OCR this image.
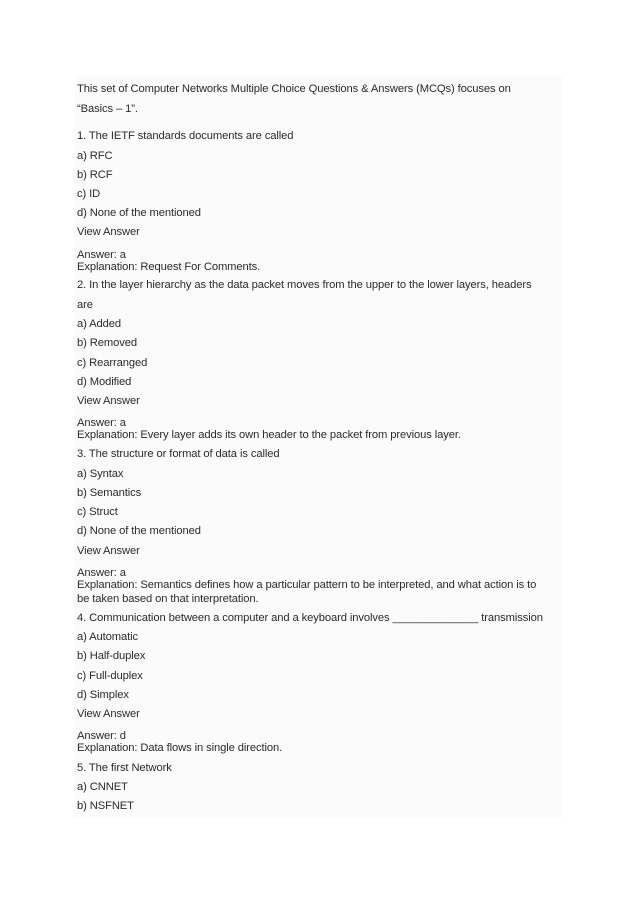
This set of Computer Networks Multiple Choice Questions & Answers (MCQs) focuses on
“Basics – 1”.
1. The IETF standards documents are called
a) RFC
b) RCF
c) ID
d) None of the mentioned
View Answer
Answer: a
Explanation: Request For Comments.
2. In the layer hierarchy as the data packet moves from the upper to the lower layers, headers
are
a) Added
b) Removed
c) Rearranged
d) Modified
View Answer
Answer: a
Explanation: Every layer adds its own header to the packet from previous layer.
3. The structure or format of data is called
a) Syntax
b) Semantics
c) Struct
d) None of the mentioned
View Answer
Answer: a
Explanation: Semantics defines how a particular pattern to be interpreted, and what action is to
be taken based on that interpretation.
4. Communication between a computer and a keyboard involves ______________ transmission
a) Automatic
b) Half-duplex
c) Full-duplex
d) Simplex
View Answer
Answer: d
Explanation: Data flows in single direction.
5. The first Network
a) CNNET
b) NSFNET
